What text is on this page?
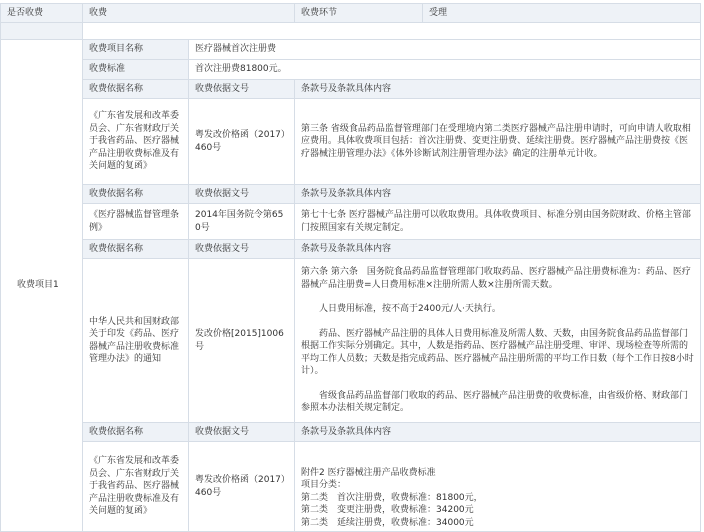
是否收费	收费		收费环节	受理

收费项目1	收费项目名称	医疗器械首次注册费		
	收费标准	首次注册费81800元。		
	收费依据名称	收费依据文号	条款号及条款具体内容	
	《广东省发展和改革委员会、广东省财政厅关于我省药品、医疗器械产品注册收费标准及有关问题的复函》	粤发改价格函（2017）460号	第三条 省级食品药品监督管理部门在受理境内第二类医疗器械产品注册申请时，可向申请人收取相应费用。具体收费项目包括：首次注册费、变更注册费、延续注册费。医疗器械产品注册费按《医疗器械注册管理办法》《体外诊断试剂注册管理办法》确定的注册单元计收。	

	收费依据名称	收费依据文号	条款号及条款具体内容	
	《医疗器械监督管理条例》	2014年国务院令第650号	第七十七条 医疗器械产品注册可以收取费用。具体收费项目、标准分别由国务院财政、价格主管部门按照国家有关规定制定。	

	收费依据名称	收费依据文号	条款号及条款具体内容	
	中华人民共和国财政部关于印发《药品、医疗器械产品注册收费标准管理办法》的通知	发改价格[2015]1006号	第六条 第六条　国务院食品药品监督管理部门收取药品、医疗器械产品注册费标准为：药品、医疗器械产品注册费=人日费用标准×注册所需人数×注册所需天数。
人日费用标准，按不高于2400元/人·天执行。
药品、医疗器械产品注册的具体人日费用标准及所需人数、天数，由国务院食品药品监督部门根据工作实际分别确定。其中，人数是指药品、医疗器械产品注册受理、审评、现场检查等所需的平均工作人员数；天数是指完成药品、医疗器械产品注册所需的平均工作日数（每个工作日按8小时计）。
省级食品药品监督部门收取的药品、医疗器械产品注册费的收费标准，由省级价格、财政部门参照本办法相关规定制定。	

	收费依据名称	收费依据文号	条款号及条款具体内容	
	《广东省发展和改革委员会、广东省财政厅关于我省药品、医疗器械产品注册收费标准及有关问题的复函》	粤发改价格函（2017）460号	附件2 医疗器械注册产品收费标准
项目分类：
第二类　首次注册费，收费标准：81800元，
第二类　变更注册费，收费标准：34200元
第二类　延续注册费，收费标准：34000元	
